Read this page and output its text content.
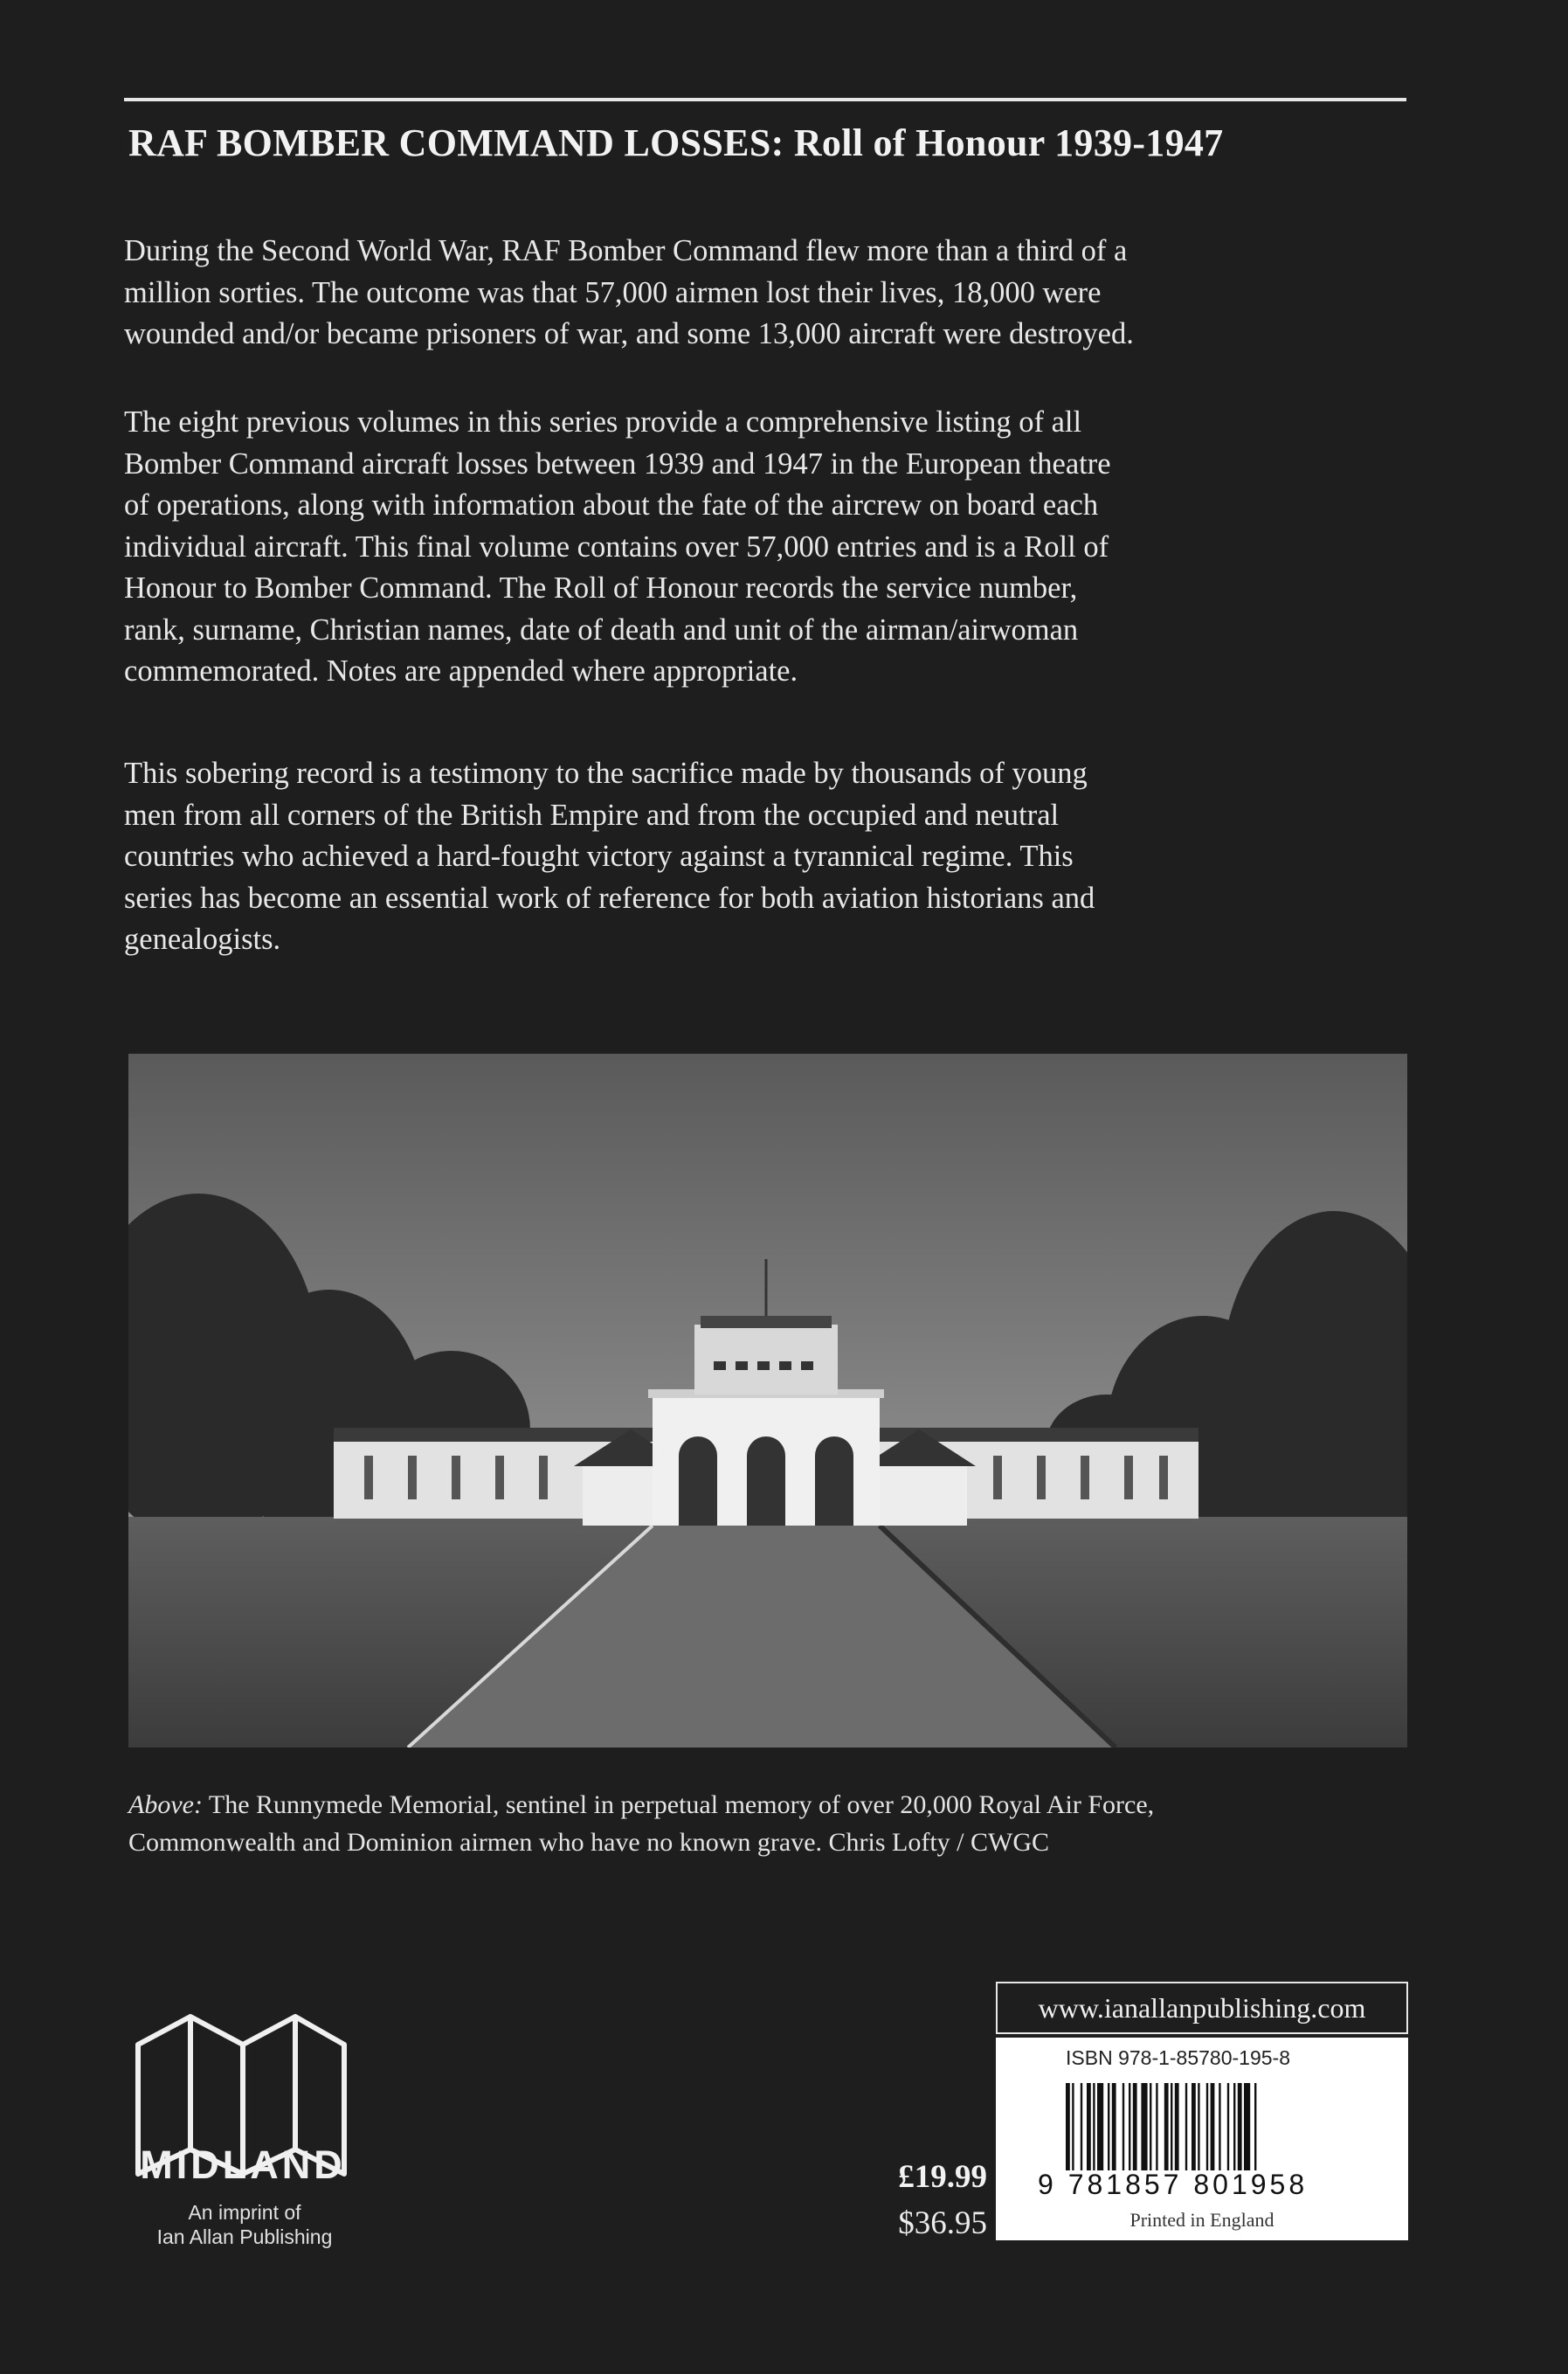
RAF BOMBER COMMAND LOSSES: Roll of Honour 1939-1947
During the Second World War, RAF Bomber Command flew more than a third of a
million sorties. The outcome was that 57,000 airmen lost their lives, 18,000 were
wounded and/or became prisoners of war, and some 13,000 aircraft were destroyed.
The eight previous volumes in this series provide a comprehensive listing of all
Bomber Command aircraft losses between 1939 and 1947 in the European theatre
of operations, along with information about the fate of the aircrew on board each
individual aircraft. This final volume contains over 57,000 entries and is a Roll of
Honour to Bomber Command. The Roll of Honour records the service number,
rank, surname, Christian names, date of death and unit of the airman/airwoman
commemorated. Notes are appended where appropriate.
This sobering record is a testimony to the sacrifice made by thousands of young
men from all corners of the British Empire and from the occupied and neutral
countries who achieved a hard-fought victory against a tyrannical regime. This
series has become an essential work of reference for both aviation historians and
genealogists.
Above: The Runnymede Memorial, sentinel in perpetual memory of over 20,000 Royal Air Force,
Commonwealth and Dominion airmen who have no known grave. Chris Lofty / CWGC
MIDLAND
An imprint of
Ian Allan Publishing
£19.99
$36.95
www.ianallanpublishing.com
ISBN 978-1-85780-195-8
9 781857 801958
Printed in England
